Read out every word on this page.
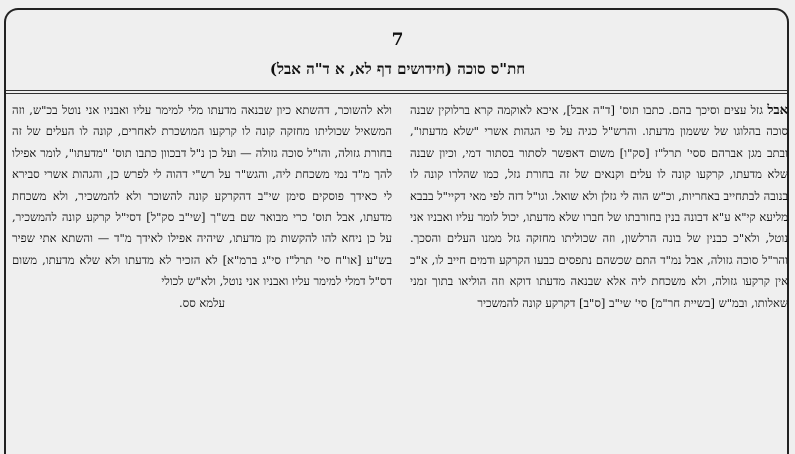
7
חת"ס סוכה (חידושים דף לא, א ד"ה אבל)

אבל גזל עצים וסיכך בהם. כתבו תוס' [ד"ה אבל], איכא לאוקמה קרא ברלוקין שבנה סוכה בהלוגו של ששמון מדעתו. והרש"ל כגיה על פי הגהות אשרי "שלא מדעתו", ובתב מגן אברהם ססי' תרל"ז [סק"ו] משום דאפשר לסתור בסתור דמי, וכיון שבנה שלא מדעתו, קרקעו קונה לו עלים וקנאים של זה בחורת גזל, כמו שהלרו קונה לו בנובה לבתחייב באחריות, וכ"ש הוה לי גזלן ולא שואל. וגו"ל דזה לפי מאי דקיי"ל בבבא מליעא קי"א ע"א דבונה בנין בחורבתו של חברו שלא מדעתו, יכול לומר עליו ואבניו אני נוטל, ולא"כ כבנין של בונה הרלשון, וזה שכוליתו מחזקה גזל ממנו העלים והסכך. והר"ל סוכה גזולה, אבל נמ"ד התם שכשהם נתפסים כבעו הקרקע ודמים חייב לו, א"כ אין קרקעו גזולה, ולא משכחת ליה אלא שבנאה מדעתו דוקא וזה הוליאו בתוך זמני שאלותו, ובמ"ש [בשיית חר"מ] סי' שי"ב [ס"ב] דקרקע קונה להמשכיר

ולא להשוכר, דהשתא כיון שבנאה מדעתו מלי למימר עליו ואבניו אני נוטל בכ"ש, וזה המשאיל שכוליתו מחזקה קונה לו קרקעו המושכרת לאחרים, קונה לו העלים של זה בחורת גזולה, והו"ל סוכה גזולה — ועל כן נ"ל דבכוון כתבו תוס' "מדעתו", לומר אפילו להך מ"ד נמי משכחת ליה, והגש"ר על רש"י דהוה לי לפרש כן, והגהות אשרי סבירא לי כאידך פוסקים סימן שי"ב דהקרקע קונה להשוכר ולא להמשכיר, ולא משכחת מדעתו, אבל תוס' כרי מבואר שם בש"ך [שי"ב סק"ל] דסי"ל קרקע קונה להמשכיר, על כן ניחא להו להקשות מן מדעתו, שיהיה אפילו לאידך מ"ד — והשתא אתי שפיר בש"ע [או"ח סי' תרל"ז סי"ג ברמ"א] לא הזכיר לא מדעתו ולא שלא מדעתו, משום דס"ל דמלי למימר עליו ואבניו אני נוטל, ולא"ש לכולי

עלמא סס.
